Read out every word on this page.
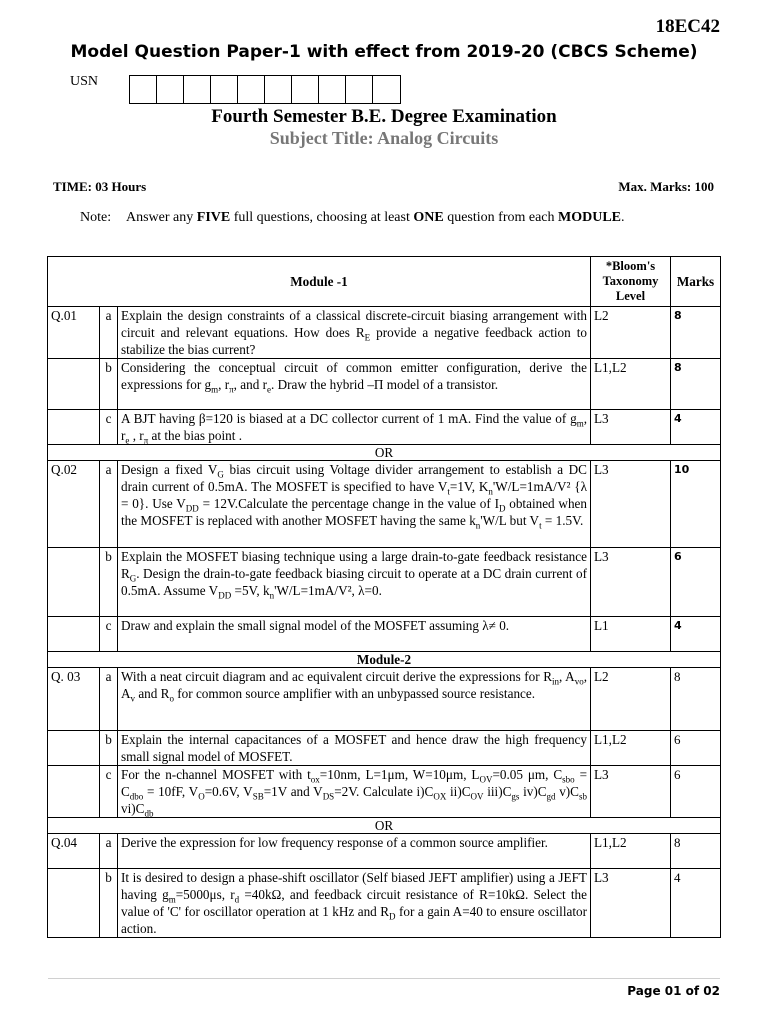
18EC42
Model Question Paper-1 with effect from 2019-20 (CBCS Scheme)
USN
Fourth Semester B.E. Degree Examination
Subject Title: Analog Circuits
TIME: 03 Hours	Max. Marks: 100
Note: Answer any FIVE full questions, choosing at least ONE question from each MODULE.
Module -1			*Bloom's Taxonomy Level	Marks
Q.01	a	Explain the design constraints of a classical discrete-circuit biasing arrangement with circuit and relevant equations. How does $R_E$ provide a negative feedback action to stabilize the bias current?	L2	8
	b	Considering the conceptual circuit of common emitter configuration, derive the expressions for $g_m$, $r_\pi$, and $r_e$. Draw the hybrid –Π model of a transistor.	L1,L2	8
	c	A BJT having β=120 is biased at a DC collector current of 1 mA. Find the value of $g_m$, $r_e$ , $r_\pi$ at the bias point .	L3	4
OR				
Q.02	a	Design a fixed $V_G$ bias circuit using Voltage divider arrangement to establish a DC drain current of 0.5mA. The MOSFET is specified to have $V_t=1V$, $K_n'W/L=1mA/V^2$ {λ = 0}. Use $V_{DD}$ = 12V.Calculate the percentage change in the value of $I_D$ obtained when the MOSFET is replaced with another MOSFET having the same $k_n'W/L$ but $V_t = 1.5V$.	L3	10
	b	Explain the MOSFET biasing technique using a large drain-to-gate feedback resistance $R_G$. Design the drain-to-gate feedback biasing circuit to operate at a DC drain current of 0.5mA. Assume $V_{DD} =5V$, $k_n'W/L=1mA/V^2$, λ=0.	L3	6
	c	Draw and explain the small signal model of the MOSFET assuming λ≠ 0.	L1	4
Module-2				
Q. 03	a	With a neat circuit diagram and ac equivalent circuit derive the expressions for $R_{in}$, $A_{vo}$, $A_v$ and $R_o$ for common source amplifier with an unbypassed source resistance.	L2	8
	b	Explain the internal capacitances of a MOSFET and hence draw the high frequency small signal model of MOSFET.	L1,L2	6
	c	For the n-channel MOSFET with $t_{ox}=10nm$, L=1μm, W=10μm, $L_{OV}=0.05$ μm, $C_{sbo} = C_{dbo} = 10fF$, $V_O=0.6V$, $V_{SB}=1V$ and $V_{DS}=2V$. Calculate $i)C_{OX}$ $ii)C_{OV}$ $iii)C_{gs}$ $iv)C_{gd}$ $v)C_{sb}$ $vi)C_{db}$	L3	6
OR				
Q.04	a	Derive the expression for low frequency response of a common source amplifier.	L1,L2	8
	b	It is desired to design a phase-shift oscillator (Self biased JEFT amplifier) using a JEFT having $g_m=5000\mu s$, $r_d =40k\Omega$, and feedback circuit resistance of R=10kΩ. Select the value of 'C' for oscillator operation at 1 kHz and $R_D$ for a gain A=40 to ensure oscillator action.	L3	4
Page 01 of 02
